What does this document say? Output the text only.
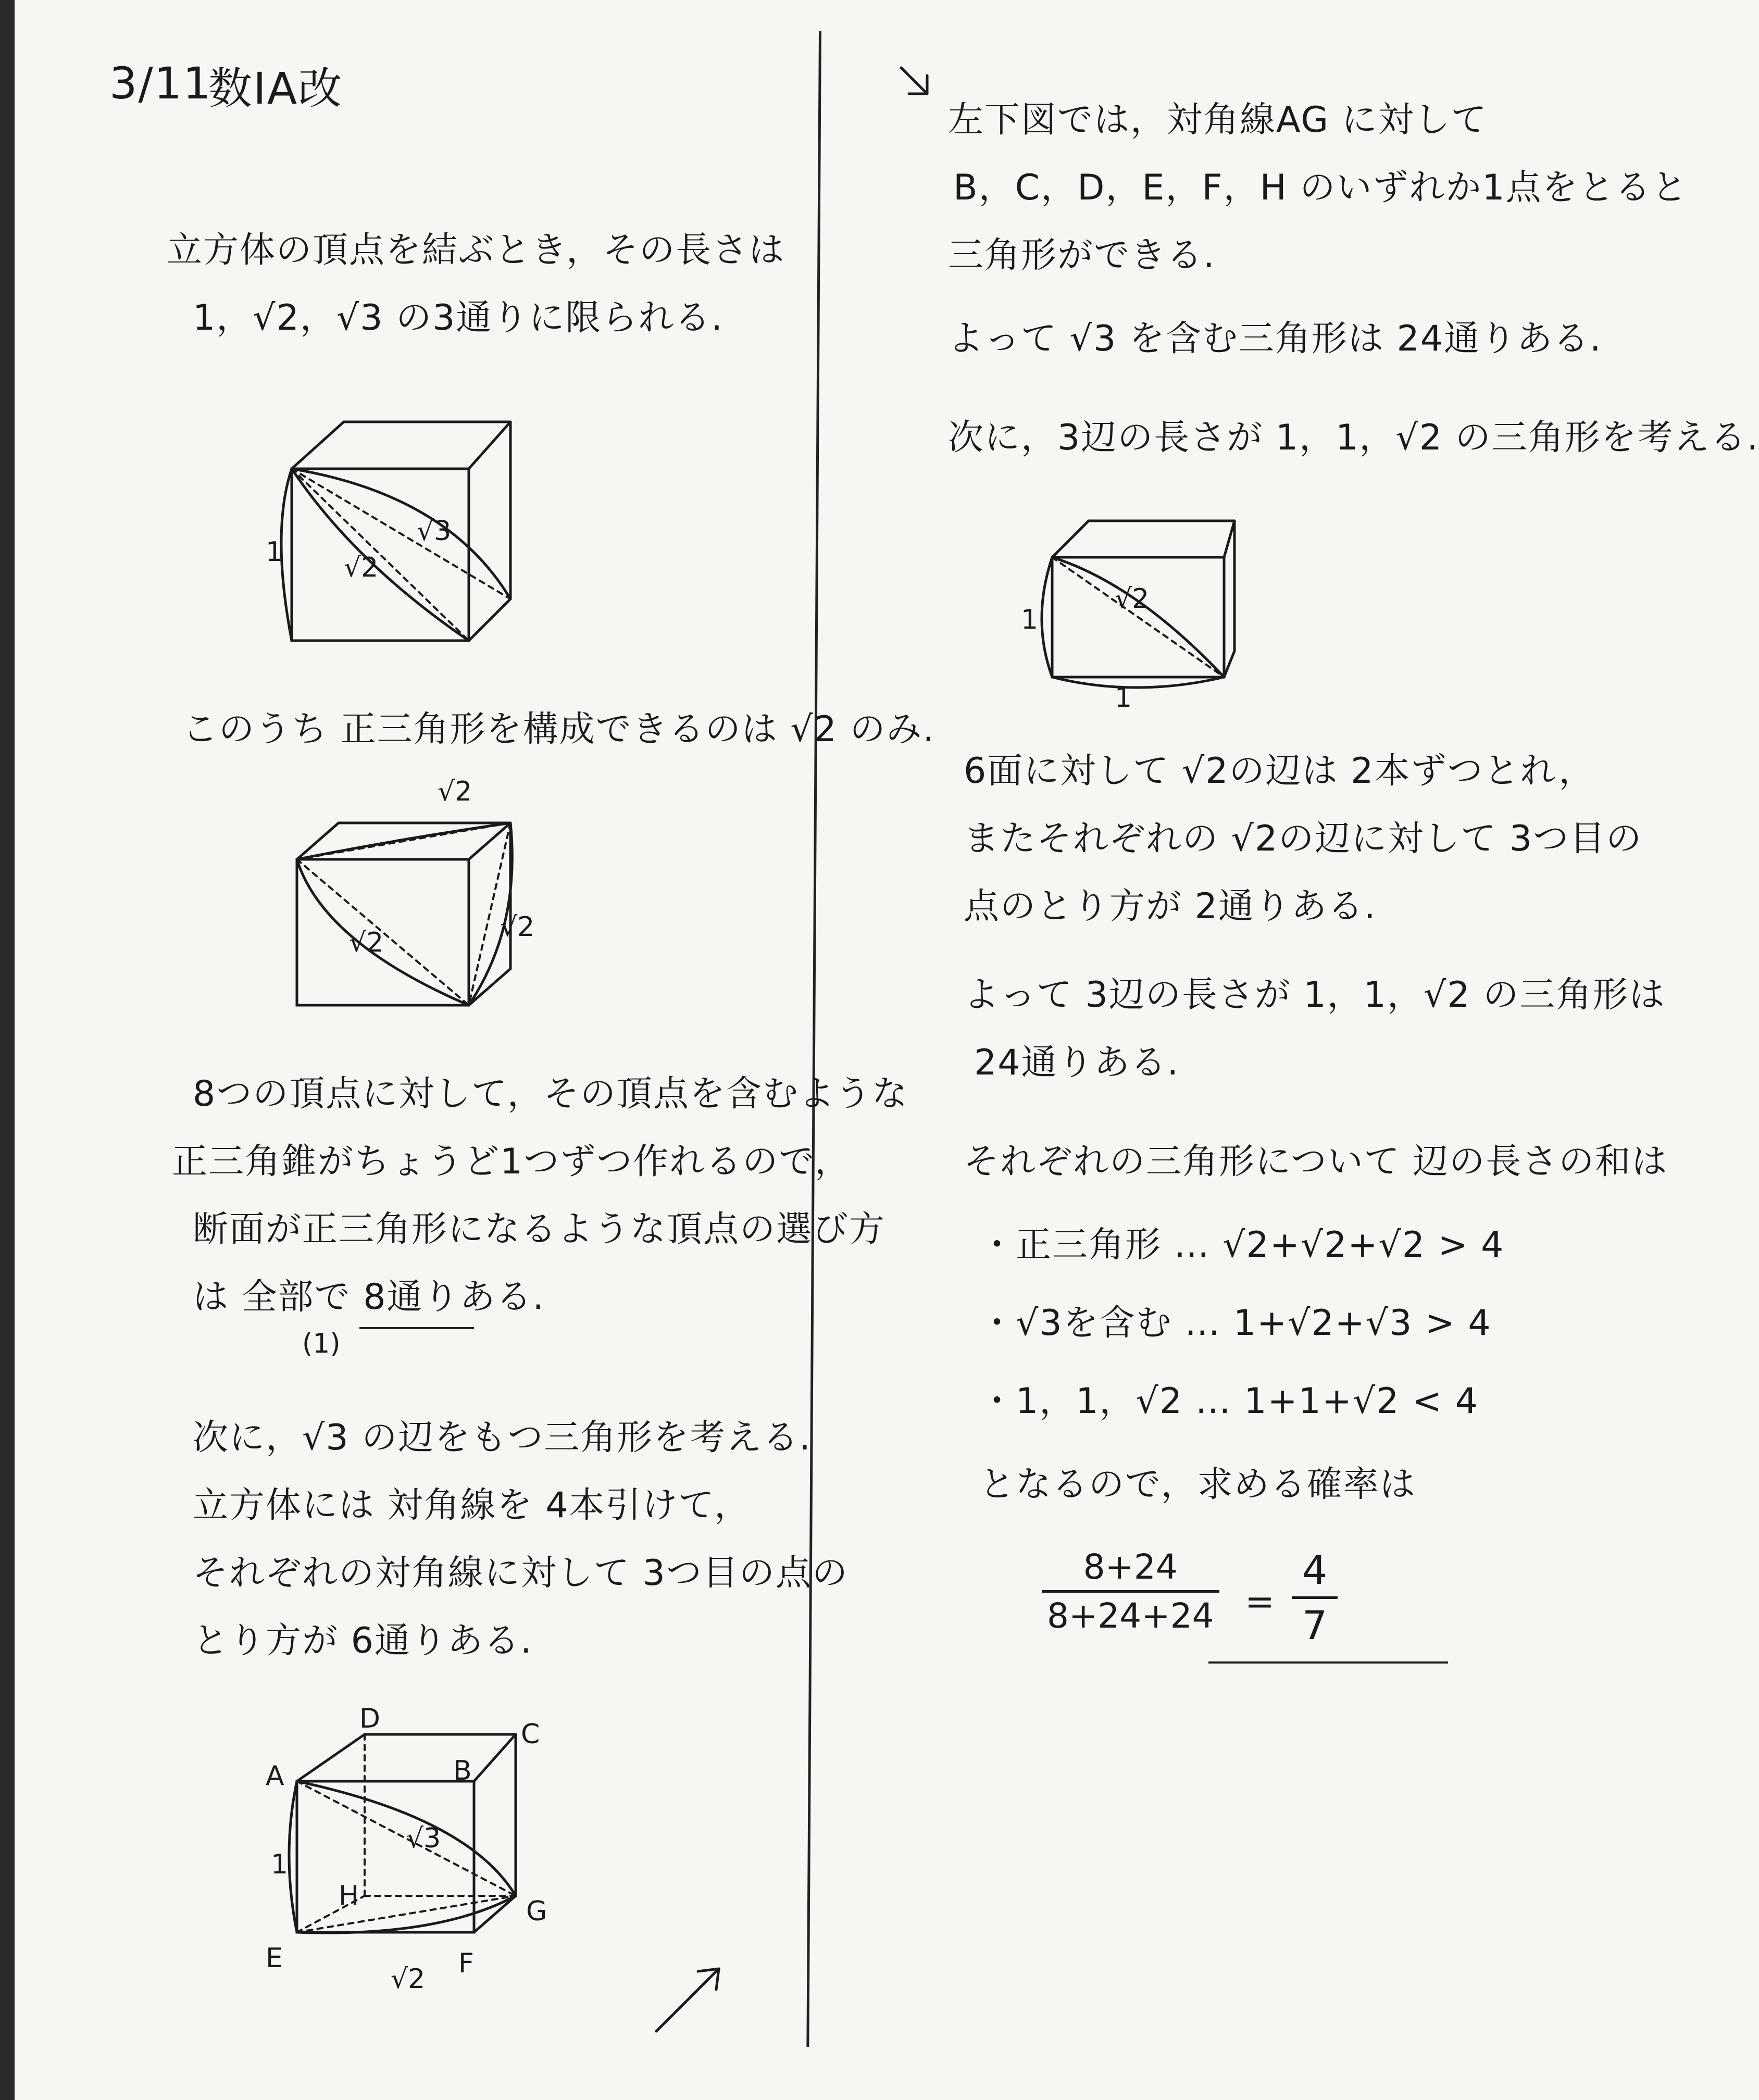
3/11
数ⅠA改
立方体の頂点を結ぶとき，その長さは
1，√2，√3 の3通りに限られる.
√3
√2
1
このうち 正三角形を構成できるのは √2 のみ.
√2
√2	√2
8つの頂点に対して，その頂点を含むような
正三角錐がちょうど1つずつ作れるので，
断面が正三角形になるような頂点の選び方
は 全部で 8通りある.
(1)
次に，√3 の辺をもつ三角形を考える.
立方体には 対角線を 4本引けて，
それぞれの対角線に対して 3つ目の点の
とり方が 6通りある.
A
D
B
C
H	G
E	F
√3
√2
1
左下図では，対角線AG に対して
B，C，D，E，F，H のいずれか1点をとると
三角形ができる.
よって √3 を含む三角形は 24通りある.
次に，3辺の長さが 1，1，√2 の三角形を考える.
√2
1
1
6面に対して √2の辺は 2本ずつとれ，
またそれぞれの √2の辺に対して 3つ目の
点のとり方が 2通りある.
よって 3辺の長さが 1，1，√2 の三角形は
24通りある.
それぞれの三角形について 辺の長さの和は
・正三角形 … √2+√2+√2 > 4
・√3を含む … 1+√2+√3 > 4
・1，1，√2 … 1+1+√2 < 4
となるので，求める確率は
8+24
8+24+24 =
4
7
